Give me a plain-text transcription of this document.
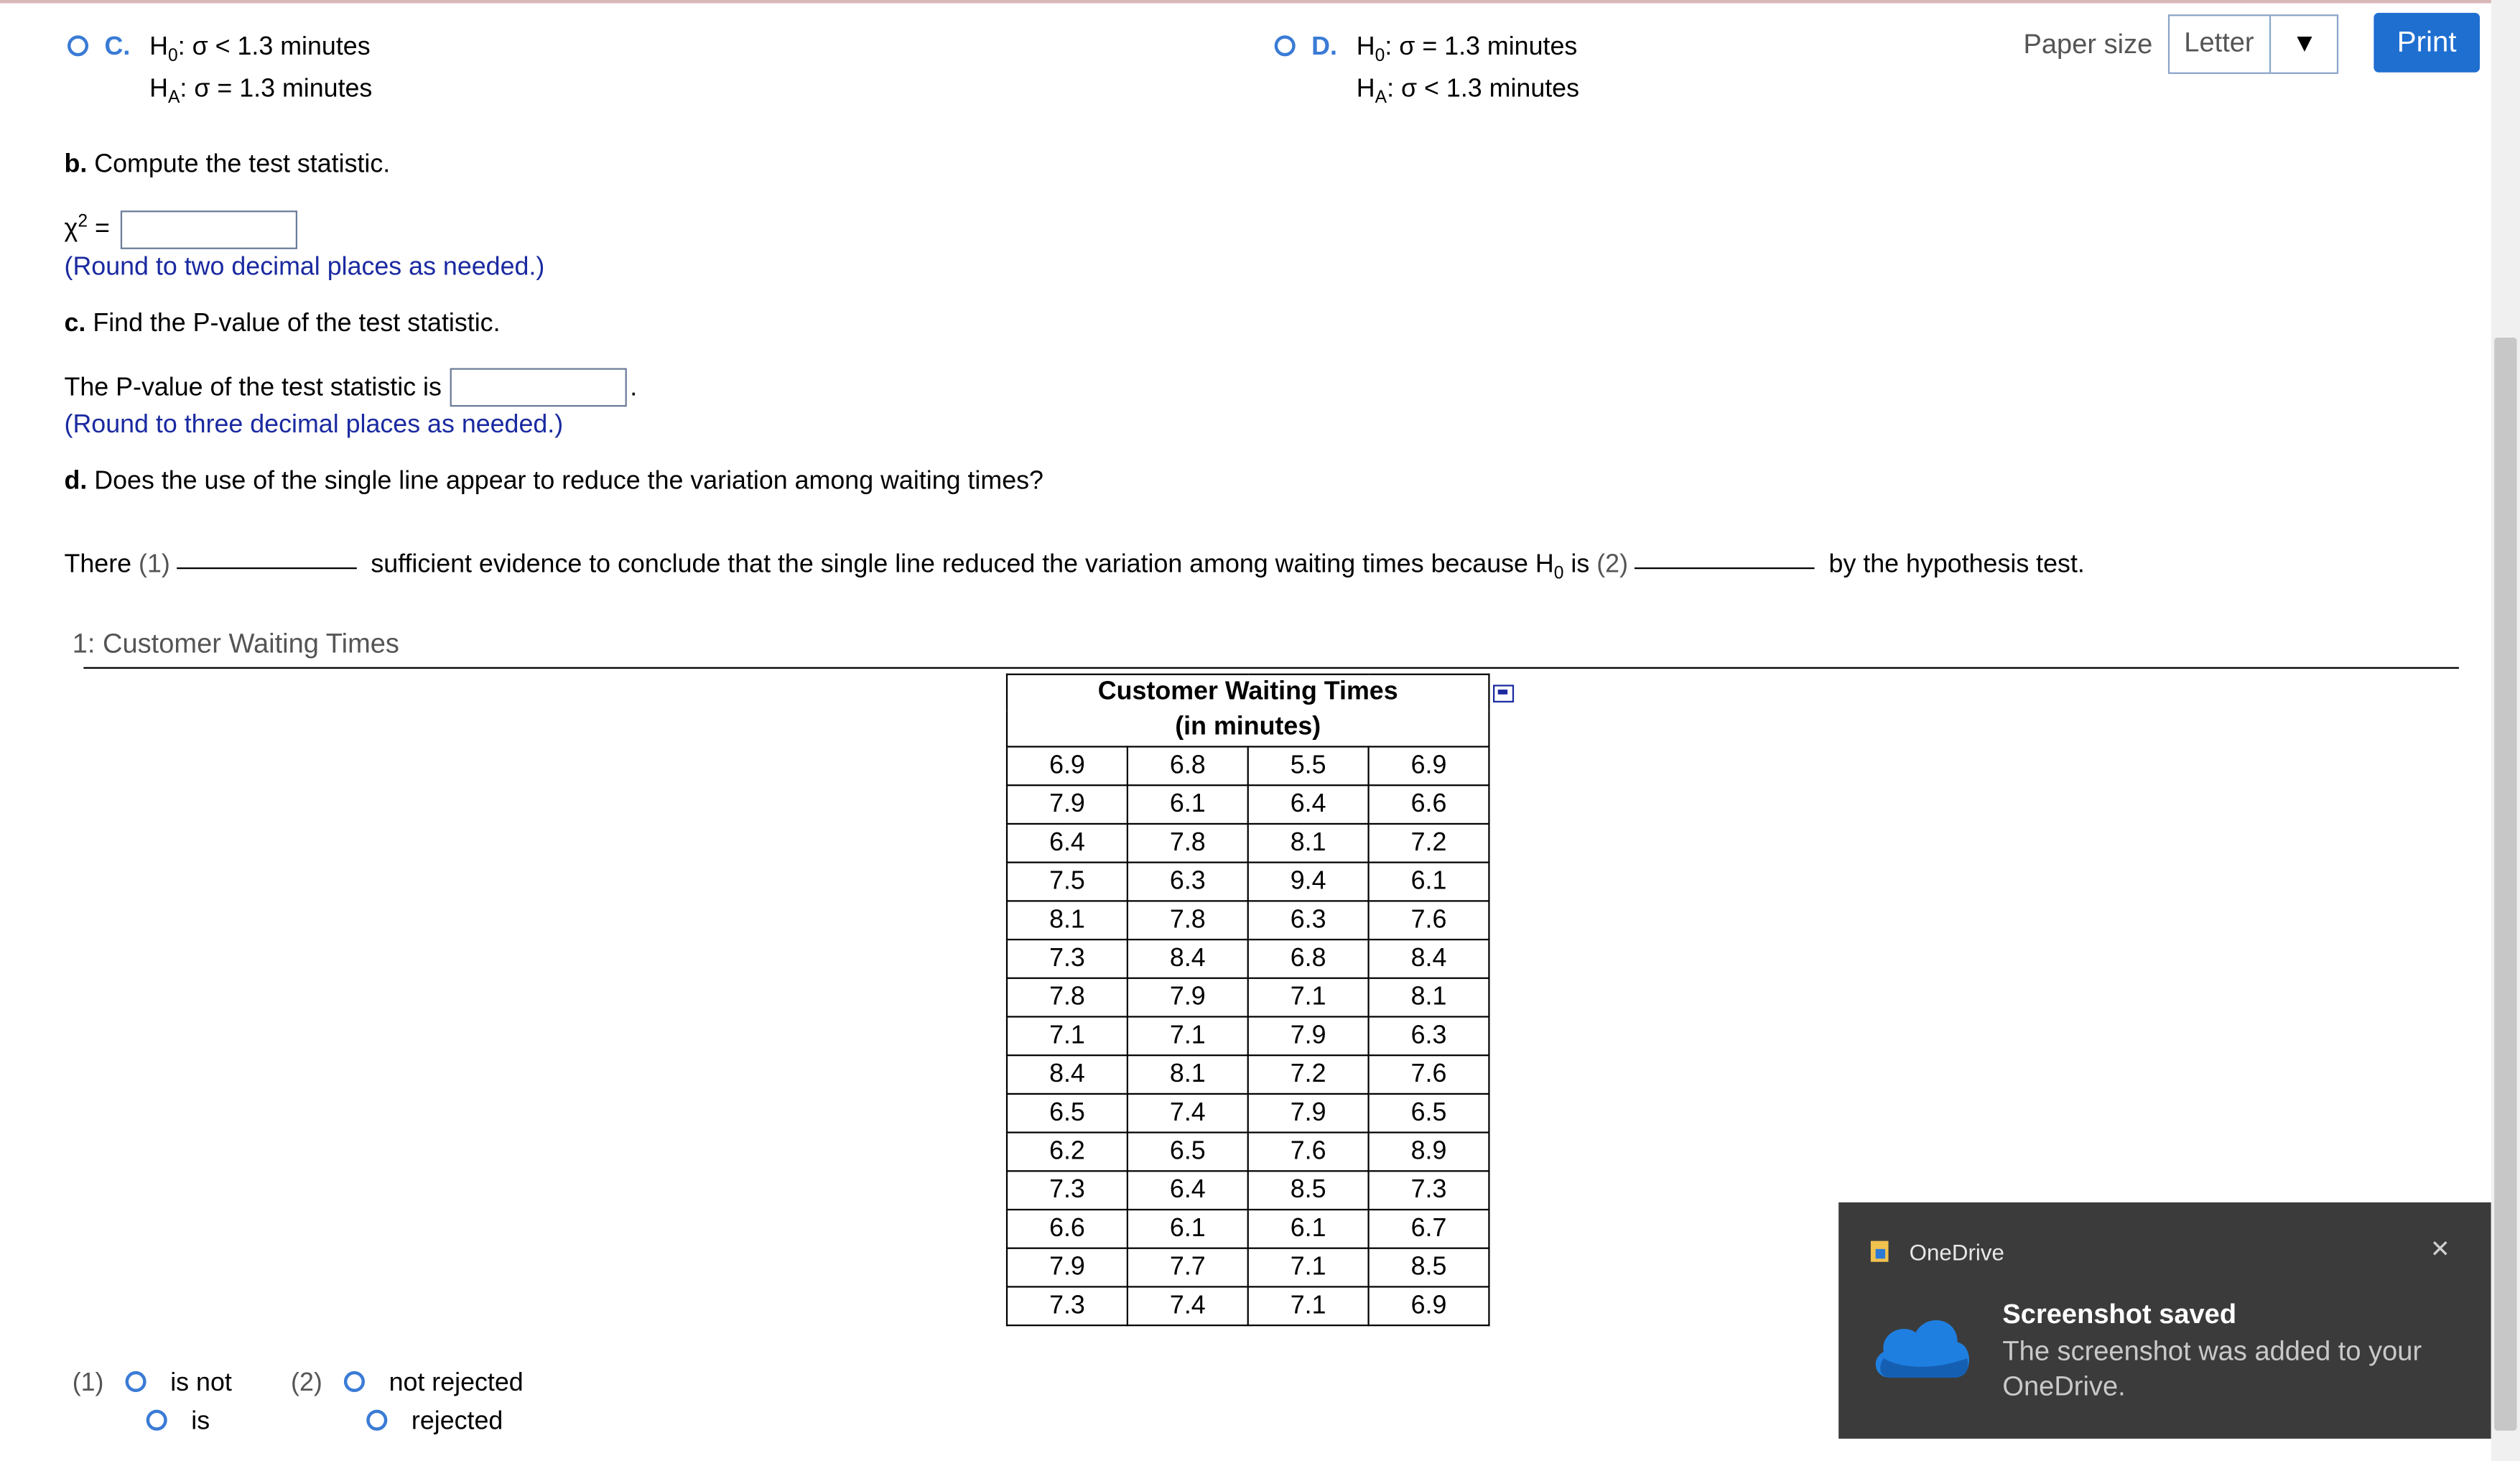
C. $H_0$: σ < 1.3 minutes
$H_A$: σ = 1.3 minutes
D. $H_0$: σ = 1.3 minutes
$H_A$: σ < 1.3 minutes
Paper size	Letter	▼	Print
b. Compute the test statistic.
$\chi^2$ =
(Round to two decimal places as needed.)
c. Find the P-value of the test statistic.
The P-value of the test statistic is	.
(Round to three decimal places as needed.)
d. Does the use of the single line appear to reduce the variation among waiting times?
There (1)	sufficient evidence to conclude that the single line reduced the variation among waiting times because $H_0$ is (2)	by the hypothesis test.
1: Customer Waiting Times
Customer Waiting Times			
(in minutes)			
6.9	6.8	5.5	6.9
7.9	6.1	6.4	6.6
6.4	7.8	8.1	7.2
7.5	6.3	9.4	6.1
8.1	7.8	6.3	7.6
7.3	8.4	6.8	8.4
7.8	7.9	7.1	8.1
7.1	7.1	7.9	6.3
8.4	8.1	7.2	7.6
6.5	7.4	7.9	6.5
6.2	6.5	7.6	8.9
7.3	6.4	8.5	7.3
6.6	6.1	6.1	6.7
7.9	7.7	7.1	8.5
7.3	7.4	7.1	6.9
(1)	is not
is
(2)	not rejected
rejected
OneDrive	✕
Screenshot saved
The screenshot was added to your
OneDrive.
